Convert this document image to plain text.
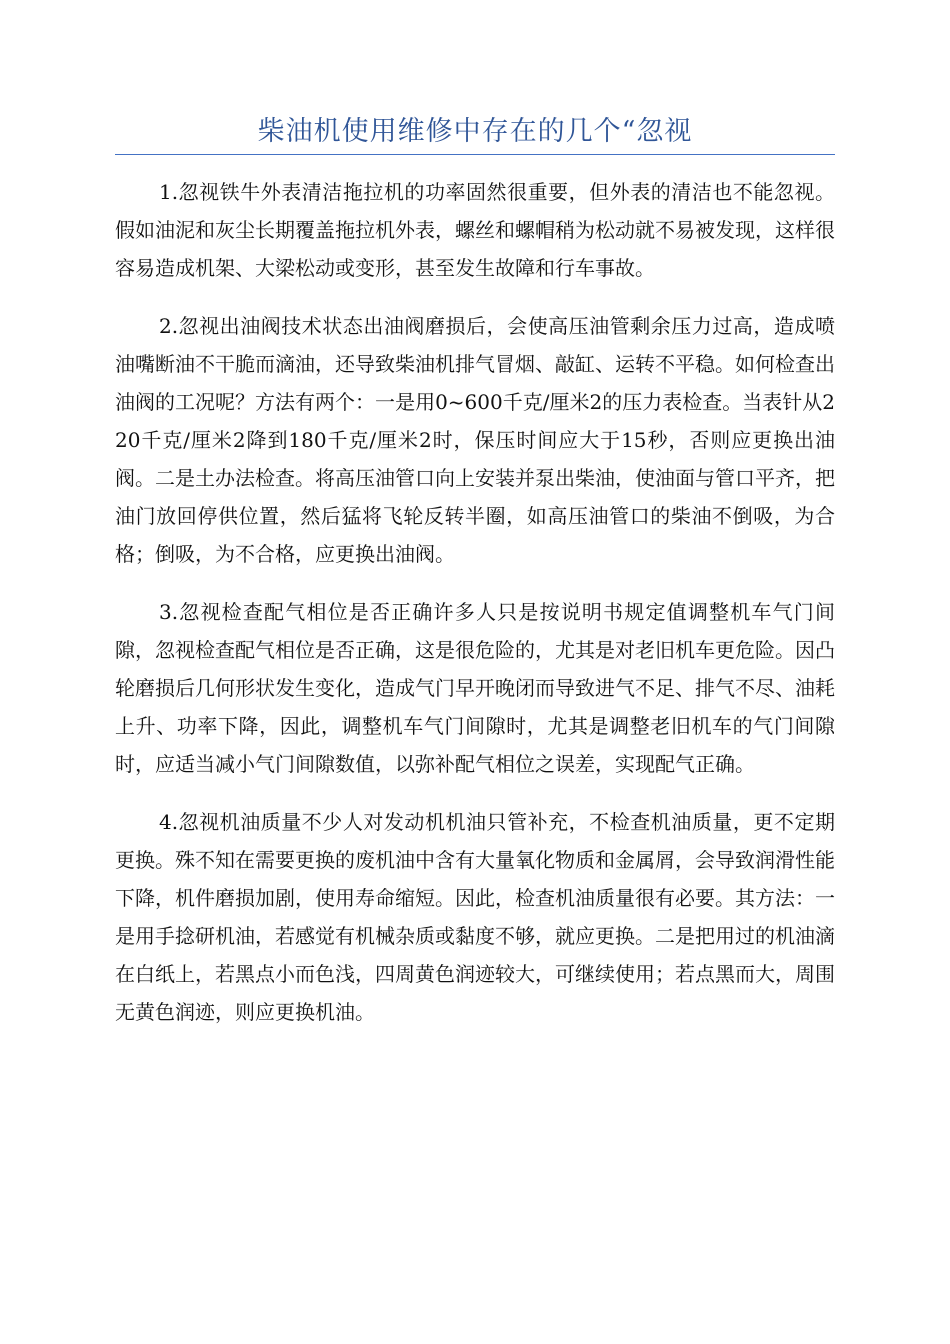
柴油机使用维修中存在的几个“忽视

1.忽视铁牛外表清洁拖拉机的功率固然很重要，但外表的清洁也不能忽视。假如油泥和灰尘长期覆盖拖拉机外表，螺丝和螺帽稍为松动就不易被发现，这样很容易造成机架、大梁松动或变形，甚至发生故障和行车事故。

2.忽视出油阀技术状态出油阀磨损后，会使高压油管剩余压力过高，造成喷油嘴断油不干脆而滴油，还导致柴油机排气冒烟、敲缸、运转不平稳。如何检查出油阀的工况呢？方法有两个：一是用0~600千克/厘米2的压力表检查。当表针从220千克/厘米2降到180千克/厘米2时，保压时间应大于15秒，否则应更换出油阀。二是土办法检查。将高压油管口向上安装并泵出柴油，使油面与管口平齐，把油门放回停供位置，然后猛将飞轮反转半圈，如高压油管口的柴油不倒吸，为合格；倒吸，为不合格，应更换出油阀。

3.忽视检查配气相位是否正确许多人只是按说明书规定值调整机车气门间隙，忽视检查配气相位是否正确，这是很危险的，尤其是对老旧机车更危险。因凸轮磨损后几何形状发生变化，造成气门早开晚闭而导致进气不足、排气不尽、油耗上升、功率下降，因此，调整机车气门间隙时，尤其是调整老旧机车的气门间隙时，应适当减小气门间隙数值，以弥补配气相位之误差，实现配气正确。

4.忽视机油质量不少人对发动机机油只管补充，不检查机油质量，更不定期更换。殊不知在需要更换的废机油中含有大量氧化物质和金属屑，会导致润滑性能下降，机件磨损加剧，使用寿命缩短。因此，检查机油质量很有必要。其方法：一是用手捻研机油，若感觉有机械杂质或黏度不够，就应更换。二是把用过的机油滴在白纸上，若黑点小而色浅，四周黄色润迹较大，可继续使用；若点黑而大，周围无黄色润迹，则应更换机油。
